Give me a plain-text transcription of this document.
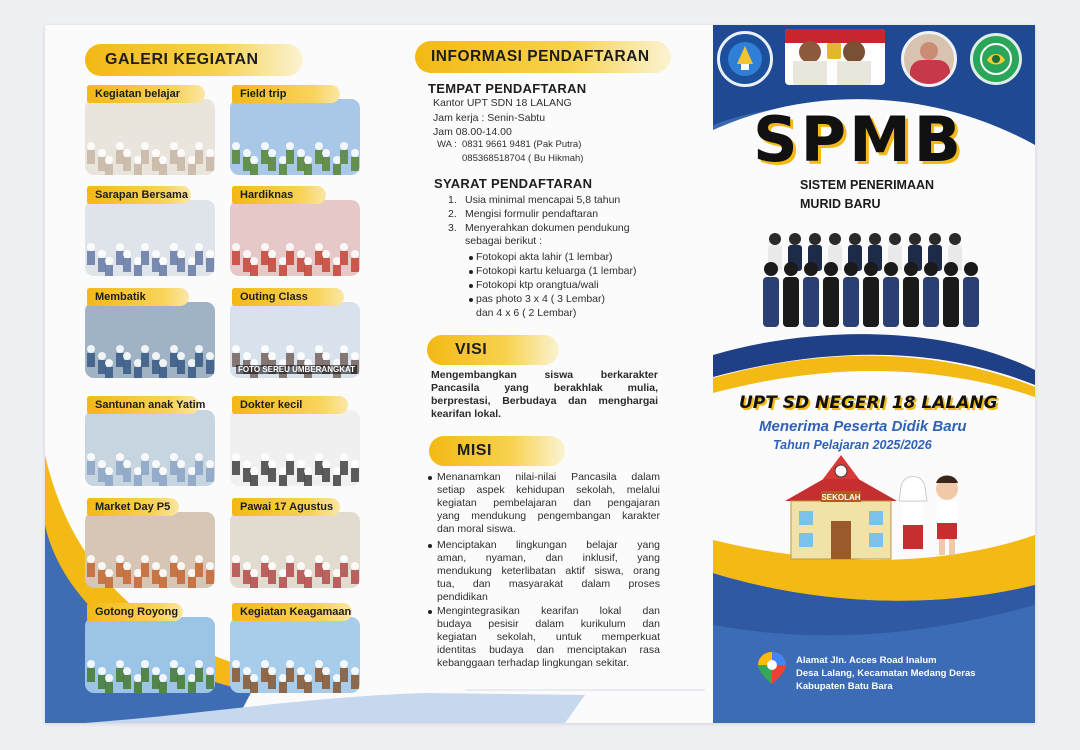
GALERI KEGIATAN
Kegiatan belajar	Field trip
Sarapan Bersama	Hardiknas
Membatik	Outing Class
FOTO SEREU UMBERANGKAT
Santunan anak Yatim	Dokter kecil
Market Day P5	Pawai 17 Agustus
Gotong Royong	Kegiatan Keagamaan
INFORMASI PENDAFTARAN
TEMPAT PENDAFTARAN
Kantor UPT SDN 18 LALANG
Jam kerja : Senin-Sabtu
Jam 08.00-14.00
WA : 0831 9661 9481 (Pak Putra)
085368518704 ( Bu Hikmah)
SYARAT PENDAFTARAN
1. Usia minimal mencapai 5,8 tahun
2. Mengisi formulir pendaftaran
3. Menyerahkan dokumen pendukung
sebagai berikut :
Fotokopi akta lahir (1 lembar)
Fotokopi kartu keluarga (1 lembar)
Fotokopi ktp orangtua/wali
pas photo 3 x 4 ( 3 Lembar)
dan 4 x 6 ( 2 Lembar)
VISI
Mengembangkan siswa berkarakter
Pancasila yang berakhlak mulia,
berprestasi, Berbudaya dan menghargai
kearifan lokal.
MISI
Menanamkan nilai-nilai Pancasila dalam
setiap aspek kehidupan sekolah, melalui
kegiatan pembelajaran dan pengajaran
yang mendukung pengembangan karakter
dan moral siswa.
Menciptakan lingkungan belajar yang
aman, nyaman, dan inklusif, yang
mendukung keterlibatan aktif siswa, orang
tua, dan masyarakat dalam proses
pendidikan
Mengintegrasikan kearifan lokal dan
budaya pesisir dalam kurikulum dan
kegiatan sekolah, untuk memperkuat
identitas budaya dan menciptakan rasa
kebanggaan terhadap lingkungan sekitar.
SPMB
SISTEM PENERIMAAN
MURID BARU
UPT SD NEGERI 18 LALANG
Menerima Peserta Didik Baru
Tahun Pelajaran 2025/2026
SEKOLAH
Alamat Jln. Acces Road Inalum
Desa Lalang, Kecamatan Medang Deras
Kabupaten Batu Bara
